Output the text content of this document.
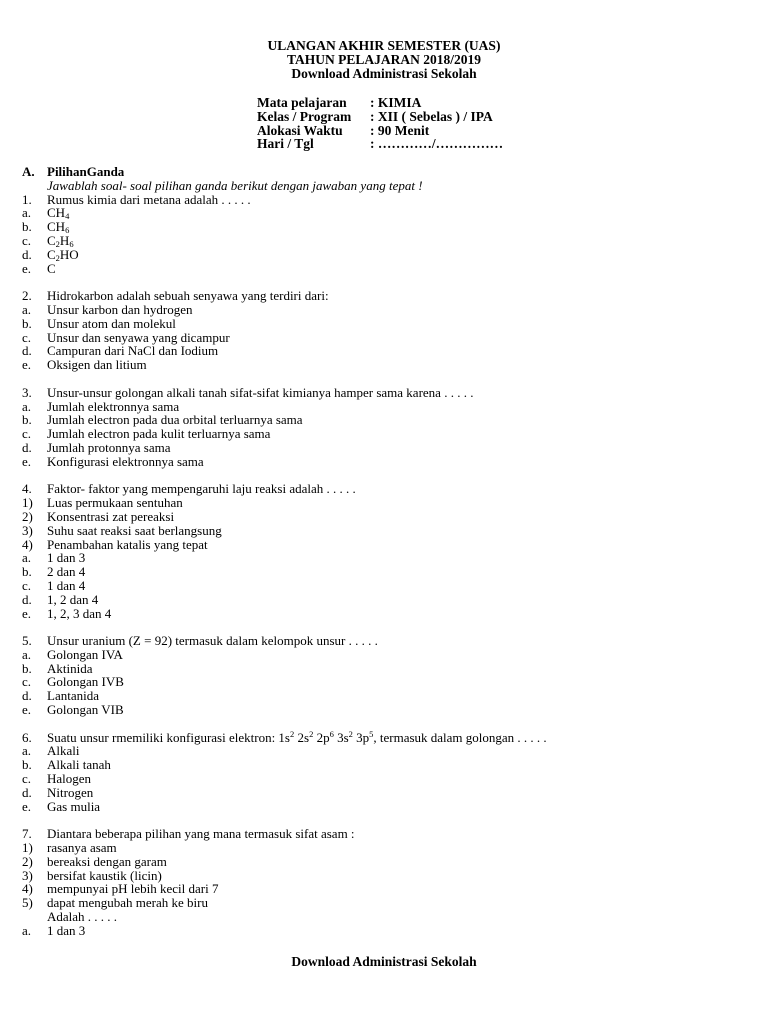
ULANGAN AKHIR SEMESTER (UAS)
TAHUN PELAJARAN 2018/2019
Download Administrasi Sekolah
Mata pelajaran	: KIMIA
Kelas / Program	: XII ( Sebelas ) / IPA
Alokasi Waktu	: 90 Menit
Hari / Tgl	: …………/……………
A. PilihanGanda
Jawablah soal- soal pilihan ganda berikut dengan jawaban yang tepat !
1.	Rumus kimia dari metana adalah . . . . .
a.	$CH_4$
b.	$CH_6$
c.	$C_2H_6$
d.	$C_2HO$
e.	C
2.	Hidrokarbon adalah sebuah senyawa yang terdiri dari:
a.	Unsur karbon dan hydrogen
b.	Unsur atom dan molekul
c.	Unsur dan senyawa yang dicampur
d.	Campuran dari NaCl dan Iodium
e.	Oksigen dan litium
3.	Unsur-unsur golongan alkali tanah sifat-sifat kimianya hamper sama karena . . . . .
a.	Jumlah elektronnya sama
b.	Jumlah electron pada dua orbital terluarnya sama
c.	Jumlah electron pada kulit terluarnya sama
d.	Jumlah protonnya sama
e.	Konfigurasi elektronnya sama
4.	Faktor- faktor yang mempengaruhi laju reaksi adalah . . . . .
1)	Luas permukaan sentuhan
2)	Konsentrasi zat pereaksi
3)	Suhu saat reaksi saat berlangsung
4)	Penambahan katalis yang tepat
a.	1 dan 3
b.	2 dan 4
c.	1 dan 4
d.	1, 2 dan 4
e.	1, 2, 3 dan 4
5.	Unsur uranium (Z = 92) termasuk dalam kelompok unsur . . . . .
a.	Golongan IVA
b.	Aktinida
c.	Golongan IVB
d.	Lantanida
e.	Golongan VIB
6.	Suatu unsur rmemiliki konfigurasi elektron: $1s^2$ $2s^2$ $2p^6$ $3s^2$ $3p^5$, termasuk dalam golongan . . . . .
a.	Alkali
b.	Alkali tanah
c.	Halogen
d.	Nitrogen
e.	Gas mulia
7.	Diantara beberapa pilihan yang mana termasuk sifat asam :
1)	rasanya asam
2)	bereaksi dengan garam
3)	bersifat kaustik (licin)
4)	mempunyai pH lebih kecil dari 7
5)	dapat mengubah merah ke biru
Adalah . . . . .
a.	1 dan 3
Download Administrasi Sekolah
